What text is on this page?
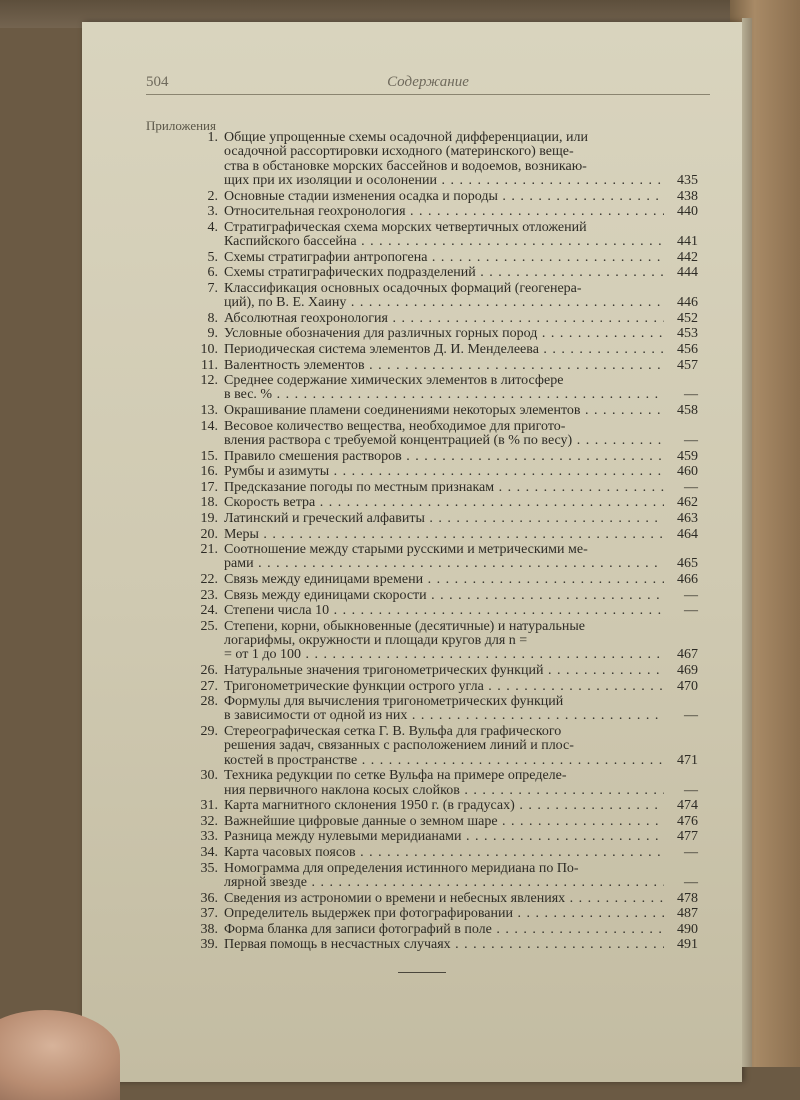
504	Содержание
Приложения
1. Общие упрощенные схемы осадочной дифференциации, или
осадочной рассортировки исходного (материнского) веще-
ства в обстановке морских бассейнов и водоемов, возникаю-
щих при их изоляции и осолонении . . .	435
2. Основные стадии изменения осадка и породы . . .	438
3. Относительная геохронология . . .	440
4. Стратиграфическая схема морских четвертичных отложений
Каспийского бассейна . . .	441
5. Схемы стратиграфии антропогена . . .	442
6. Схемы стратиграфических подразделений . . .	444
7. Классификация основных осадочных формаций (геогенера-
ций), по В. Е. Хаину . . .	446
8. Абсолютная геохронология . . .	452
9. Условные обозначения для различных горных пород . . .	453
10. Периодическая система элементов Д. И. Менделеева . . .	456
11. Валентность элементов . . .	457
12. Среднее содержание химических элементов в литосфере
в вес. % . . .	—
13. Окрашивание пламени соединениями некоторых элементов . . .	458
14. Весовое количество вещества, необходимое для пригото-
вления раствора с требуемой концентрацией (в % по весу) . . .	—
15. Правило смешения растворов . . .	459
16. Румбы и азимуты . . .	460
17. Предсказание погоды по местным признакам . . .	—
18. Скорость ветра . . .	462
19. Латинский и греческий алфавиты . . .	463
20. Меры . . .	464
21. Соотношение между старыми русскими и метрическими ме-
рами . . .	465
22. Связь между единицами времени . . .	466
23. Связь между единицами скорости . . .	—
24. Степени числа 10 . . .	—
25. Степени, корни, обыкновенные (десятичные) и натуральные
логарифмы, окружности и площади кругов для n =
= от 1 до 100 . . .	467
26. Натуральные значения тригонометрических функций . . .	469
27. Тригонометрические функции острого угла . . .	470
28. Формулы для вычисления тригонометрических функций
в зависимости от одной из них . . .	—
29. Стереографическая сетка Г. В. Вульфа для графического
решения задач, связанных с расположением линий и плос-
костей в пространстве . . .	471
30. Техника редукции по сетке Вульфа на примере определе-
ния первичного наклона косых слойков . . .	—
31. Карта магнитного склонения 1950 г. (в градусах) . . .	474
32. Важнейшие цифровые данные о земном шаре . . .	476
33. Разница между нулевыми меридианами . . .	477
34. Карта часовых поясов . . .	—
35. Номограмма для определения истинного меридиана по По-
лярной звезде . . .	—
36. Сведения из астрономии о времени и небесных явлениях . . .	478
37. Определитель выдержек при фотографировании . . .	487
38. Форма бланка для записи фотографий в поле . . .	490
39. Первая помощь в несчастных случаях . . .	491
